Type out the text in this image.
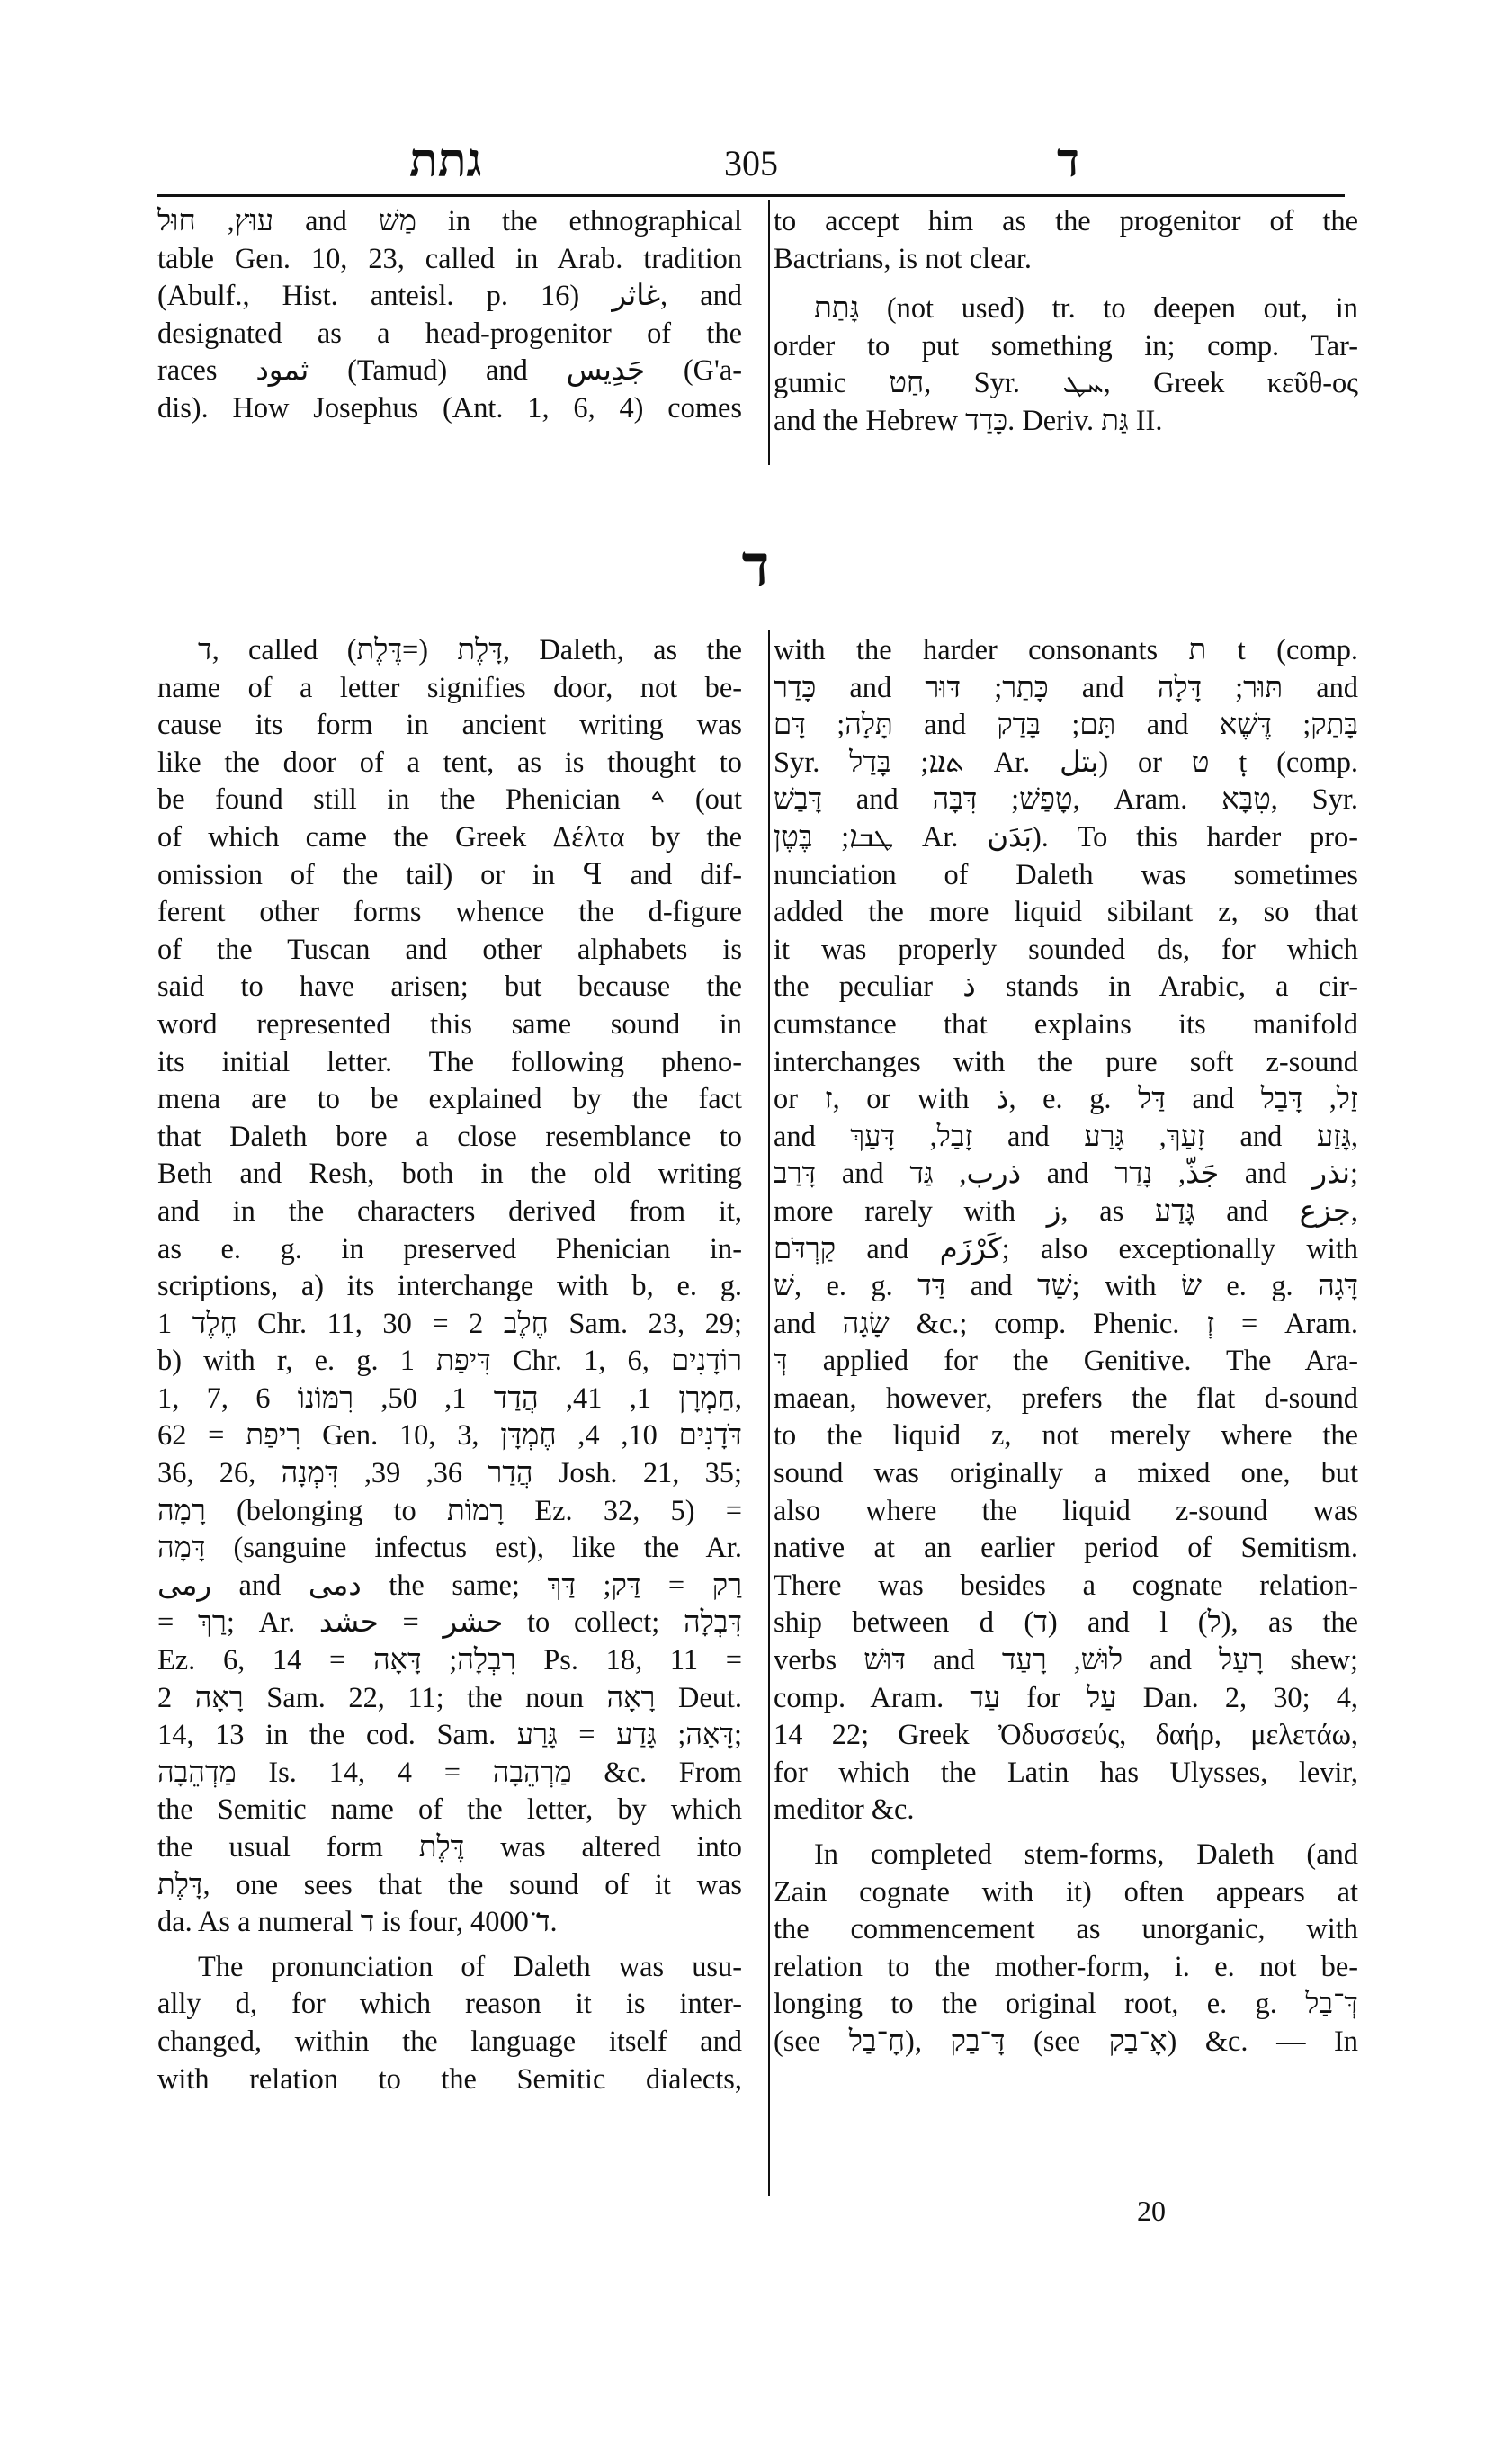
גתת	305	ד
עוּץ, חוּל and מַשׁ in the ethnographical
table Gen. 10, 23, called in Arab. tradition
(Abulf., Hist. anteisl. p. 16) غاثر, and
designated as a head-progenitor of the
races ثمود (Tamud) and جَدِيس (G'a-
dis). How Josephus (Ant. 1, 6, 4) comes
to accept him as the progenitor of the
Bactrians, is not clear.
גָּתַת (not used) tr. to deepen out, in
order to put something in; comp. Tar-
gumic חַט, Syr. ܚܛ, Greek κεῦθ-ος
and the Hebrew כָּדַד. Deriv. גַּת II.
ד
ד, called דָּלֶת (=דֶּלֶת), Daleth, as the
name of a letter signifies door, not be-
cause its form in ancient writing was
like the door of a tent, as is thought to
be found still in the Phenician 𐤃 (out
of which came the Greek Δέλτα by the
omission of the tail) or in ꟼ and dif-
ferent other forms whence the d-figure
of the Tuscan and other alphabets is
said to have arisen; but because the
word represented this same sound in
its initial letter. The following pheno-
mena are to be explained by the fact
that Daleth bore a close resemblance to
Beth and Resh, both in the old writing
and in the characters derived from it,
as e. g. in preserved Phenician in-
scriptions, a) its interchange with b, e. g.
חֶלֶד 1 Chr. 11, 30 = חֶלֶב 2 Sam. 23, 29;
b) with r, e. g. דִּיפַת 1 Chr. 1, 6, רוֹדָנִים
1, 7, חַמְרָן 1, 41, הֲדַד 1, 50, רִמּוֹנוֹ 6,
62 = רִיפַת Gen. 10, 3, דֹּדָנִים 10, 4, חֶמְדָּן
36, 26, הֲדַר 36, 39, דִּמְנָה Josh. 21, 35;
רָמָה (belonging to רָמוֹת Ez. 32, 5) =
דָּמָה (sanguine infectus est), like the Ar.
رمى and دمى the same; רַק = דַּק; דַּךְ
= רַךְ; Ar. حشر = حشد to collect; דִּבְלָה
Ez. 6, 14 = רִבְלָה; דָּאָה Ps. 18, 11 =
רָאָה 2 Sam. 22, 11; the noun רָאָה Deut.
14, 13 in the cod. Sam. דָּאָה; גָּדַע = גָּרַע;
מַדְהֵבָה Is. 14, 4 = מַרְהֵבָה &c. From
the Semitic name of the letter, by which
the usual form דֶּלֶת was altered into
דָּלֶת, one sees that the sound of it was
da. As a numeral ד is four, ד̈ 4000.
The pronunciation of Daleth was usu-
ally d, for which reason it is inter-
changed, within the language itself and
with relation to the Semitic dialects,
with the harder consonants ת t (comp.
כָּדַר and כָּתַר; דּוּר and תּוּר; דָּלָה and
תָּלָה; דָּם and תָּם; בָּדַק and בָּתַק; דֶּשֶׁא
Syr. ܬܐܐ; בָּדַל Ar. بتل) or ט ṭ (comp.
דָּבַשׁ and טָפַשׁ; דִּבָּה, Aram. טִבָּא, Syr.
ܛܒܐ; בֶּטֶן Ar. بَدَن). To this harder pro-
nunciation of Daleth was sometimes
added the more liquid sibilant z, so that
it was properly sounded ds, for which
the peculiar ذ stands in Arabic, a cir-
cumstance that explains its manifold
interchanges with the pure soft z-sound
or ז, or with ذ, e. g. דַּל and זַל, דָּבַל
and זָבַל, דָּעַךְ and זָעַךְ, גָּרַע and גָּזַע,
דָּרַב and ذرب, גַּד and جَذّ, נָדַר and نذر;
more rarely with ز, as גָּדַע and جزع,
קַרְדֹּם and كَرْزَم; also exceptionally with
שׁ, e. g. דַּד and שַׁד; with שׂ e. g. דָּגָה
and שָׂגָה &c.; comp. Phenic. זְ = Aram.
דְּ applied for the Genitive. The Ara-
maean, however, prefers the flat d-sound
to the liquid z, not merely where the
sound was originally a mixed one, but
also where the liquid z-sound was
native at an earlier period of Semitism.
There was besides a cognate relation-
ship between d (ד) and l (ל), as the
verbs דּוּשׁ and לוּשׁ, רָעַד and רָעַל shew;
comp. Aram. עַד for עַל Dan. 2, 30; 4,
14 22; Greek Ὀδυσσεύς, δαήρ, μελετάω,
for which the Latin has Ulysses, levir,
meditor &c.
In completed stem-forms, Daleth (and
Zain cognate with it) often appears at
the commencement as unorganic, with
relation to the mother-form, i. e. not be-
longing to the original root, e. g. דְּ־בַל
(see חָ־בַל), דָּ־בַק (see אָ־בַק) &c. — In
20
